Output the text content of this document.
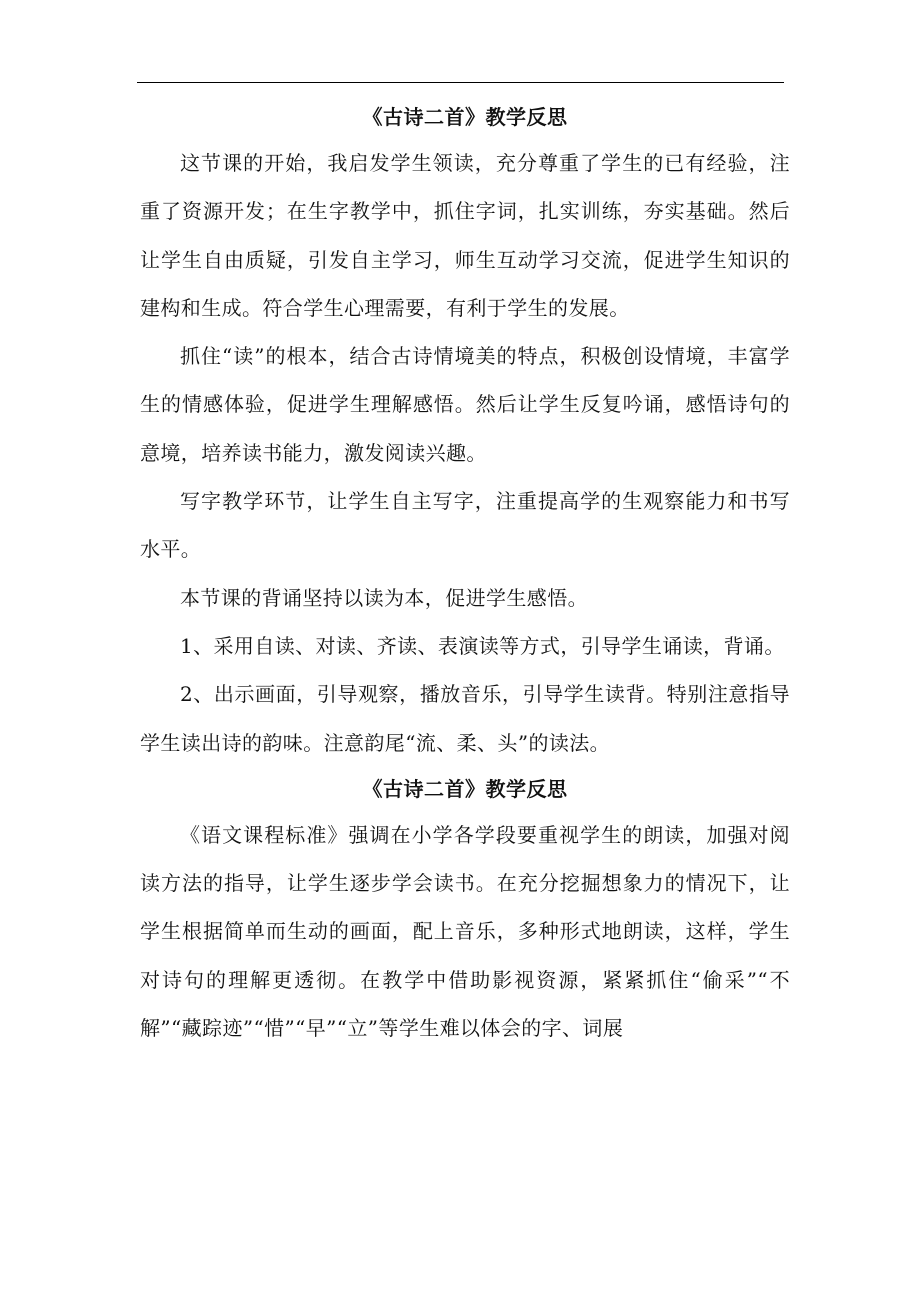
《古诗二首》教学反思

这节课的开始，我启发学生领读，充分尊重了学生的已有经验，注重了资源开发；在生字教学中，抓住字词，扎实训练，夯实基础。然后让学生自由质疑，引发自主学习，师生互动学习交流，促进学生知识的建构和生成。符合学生心理需要，有利于学生的发展。

抓住“读”的根本，结合古诗情境美的特点，积极创设情境，丰富学生的情感体验，促进学生理解感悟。然后让学生反复吟诵，感悟诗句的意境，培养读书能力，激发阅读兴趣。

写字教学环节，让学生自主写字，注重提高学的生观察能力和书写水平。

本节课的背诵坚持以读为本，促进学生感悟。

1、采用自读、对读、齐读、表演读等方式，引导学生诵读，背诵。

2、出示画面，引导观察，播放音乐，引导学生读背。特别注意指导学生读出诗的韵味。注意韵尾“流、柔、头”的读法。

《古诗二首》教学反思

《语文课程标准》强调在小学各学段要重视学生的朗读，加强对阅读方法的指导，让学生逐步学会读书。在充分挖掘想象力的情况下，让学生根据简单而生动的画面，配上音乐，多种形式地朗读，这样，学生对诗句的理解更透彻。在教学中借助影视资源，紧紧抓住“偷采”“不解”“藏踪迹”“惜”“早”“立”等学生难以体会的字、词展
